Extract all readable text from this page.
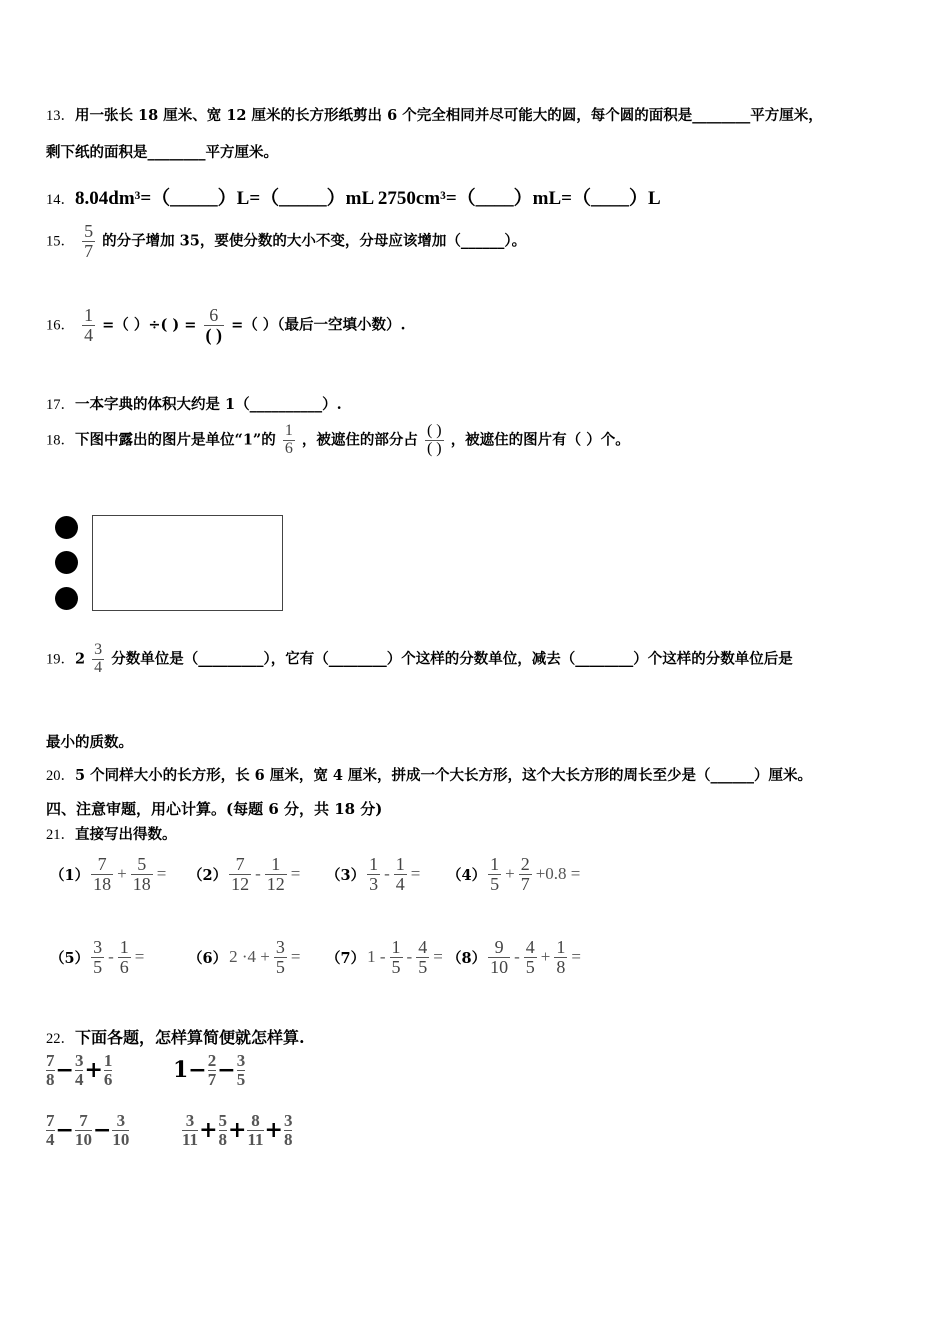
13．用一张长 18 厘米、宽 12 厘米的长方形纸剪出 6 个完全相同并尽可能大的圆，每个圆的面积是________平方厘米，
剩下纸的面积是________平方厘米。
14．8.04dm³=（_____）L=（_____）mL 2750cm³=（____）mL=（____）L
15． $\frac{5}{7}$ 的分子增加 35，要使分数的大小不变，分母应该增加（______）。
16． $\frac{1}{4}$ =（ ）÷( ) = $\frac{6}{( )}$ =（ ）（最后一空填小数）.
17．一本字典的体积大约是 1（__________）.
18．下图中露出的图片是单位“1”的 $\frac{1}{6}$ ，被遮住的部分占 $\frac{( )}{( )}$ ，被遮住的图片有（ ）个。
19．$2 \frac{3}{4}$ 分数单位是（_________），它有（________）个这样的分数单位，减去（________）个这样的分数单位后是
最小的质数。
20．5 个同样大小的长方形，长 6 厘米，宽 4 厘米，拼成一个大长方形，这个大长方形的周长至少是（______）厘米。
四、注意审题，用心计算。(每题 6 分，共 18 分)
21．直接写出得数。
$(1) \frac{7}{18} + \frac{5}{18} = (2) \frac{7}{12} - \frac{1}{12} = (3) \frac{1}{3} - \frac{1}{4} = (4) \frac{1}{5} + \frac{2}{7} +0.8$ =
$(5) \frac{3}{5} - \frac{1}{6}$ =	（6） $2 \cdot 4 + \frac{3}{5} = (7)$ $1 - \frac{1}{5} - \frac{4}{5} = (8) \frac{9}{10} - \frac{4}{5} + \frac{1}{8}$ =
22．下面各题，怎样算简便就怎样算.
$\frac{7}{8} - \frac{3}{4} + \frac{1}{6}$	$1- \frac{2}{7} - \frac{3}{5}$
$\frac{7}{4} - \frac{7}{10} - \frac{3}{10}$	$\frac{3}{11} + \frac{5}{8} + \frac{8}{11} + \frac{3}{8}$
